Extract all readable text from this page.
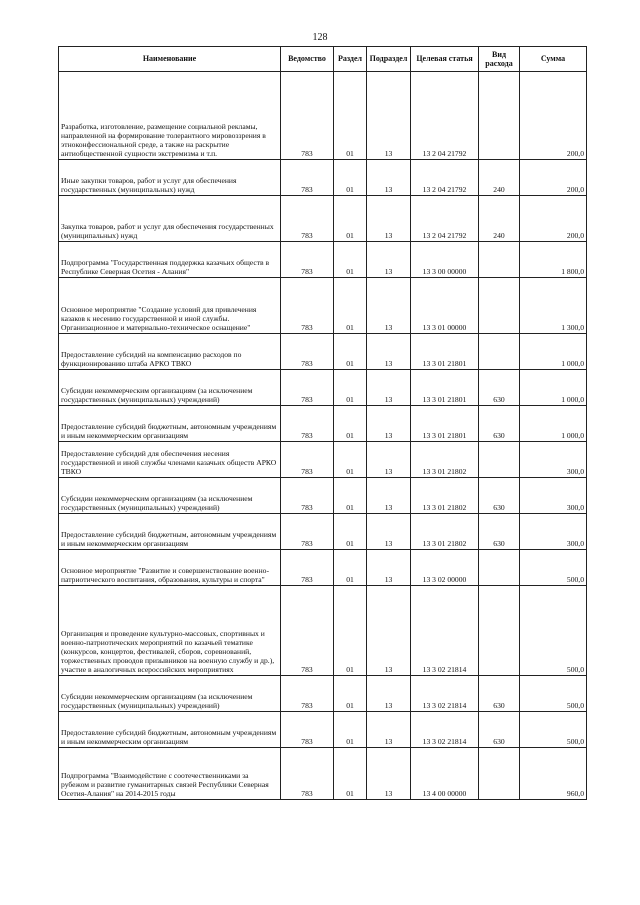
128
Наименование	Ведомство	Раздел	Подраздел	Целевая статья	Вид расхода	Сумма
Разработка, изготовление, размещение социальной рекламы, направленной на формирование толерантного мировоззрения в этноконфессиональной среде, а также на раскрытие антиобщественной сущности экстремизма и т.п.	783	01	13	13 2 04 21792		200,0
Иные закупки товаров, работ и услуг для обеспечения государственных (муниципальных) нужд	783	01	13	13 2 04 21792	240	200,0
Закупка товаров, работ и услуг для обеспечения государственных (муниципальных) нужд	783	01	13	13 2 04 21792	240	200,0
Подпрограмма "Государственная поддержка казачьих обществ в Республике Северная Осетия - Алания"	783	01	13	13 3 00 00000		1 800,0
Основное мероприятие "Создание условий для привлечения казаков к несению государственной и иной службы. Организационное и материально-техническое оснащение"	783	01	13	13 3 01 00000		1 300,0
Предоставление субсидий на компенсацию расходов по функционированию штаба АРКО ТВКО	783	01	13	13 3 01 21801		1 000,0
Субсидии некоммерческим организациям (за исключением государственных (муниципальных) учреждений)	783	01	13	13 3 01 21801	630	1 000,0
Предоставление субсидий бюджетным, автономным учреждениям и иным некоммерческим организациям	783	01	13	13 3 01 21801	630	1 000,0
Предоставление субсидий для обеспечения несения государственной и иной службы членами казачьих обществ АРКО ТВКО	783	01	13	13 3 01 21802		300,0
Субсидии некоммерческим организациям (за исключением государственных (муниципальных) учреждений)	783	01	13	13 3 01 21802	630	300,0
Предоставление субсидий бюджетным, автономным учреждениям и иным некоммерческим организациям	783	01	13	13 3 01 21802	630	300,0
Основное мероприятие "Развитие и совершенствование военно-патриотического воспитания, образования, культуры и спорта"	783	01	13	13 3 02 00000		500,0
Организация и проведение культурно-массовых, спортивных и военно-патриотических мероприятий по казачьей тематике (конкурсов, концертов, фестивалей, сборов, соревнований, торжественных проводов призывников на военную службу и др.), участие в аналогичных всероссийских мероприятиях	783	01	13	13 3 02 21814		500,0
Субсидии некоммерческим организациям (за исключением государственных (муниципальных) учреждений)	783	01	13	13 3 02 21814	630	500,0
Предоставление субсидий бюджетным, автономным учреждениям и иным некоммерческим организациям	783	01	13	13 3 02 21814	630	500,0
Подпрограмма "Взаимодействие с соотечественниками за рубежом и развитие гуманитарных связей Республики Северная Осетия-Алания" на 2014-2015 годы	783	01	13	13 4 00 00000		960,0
